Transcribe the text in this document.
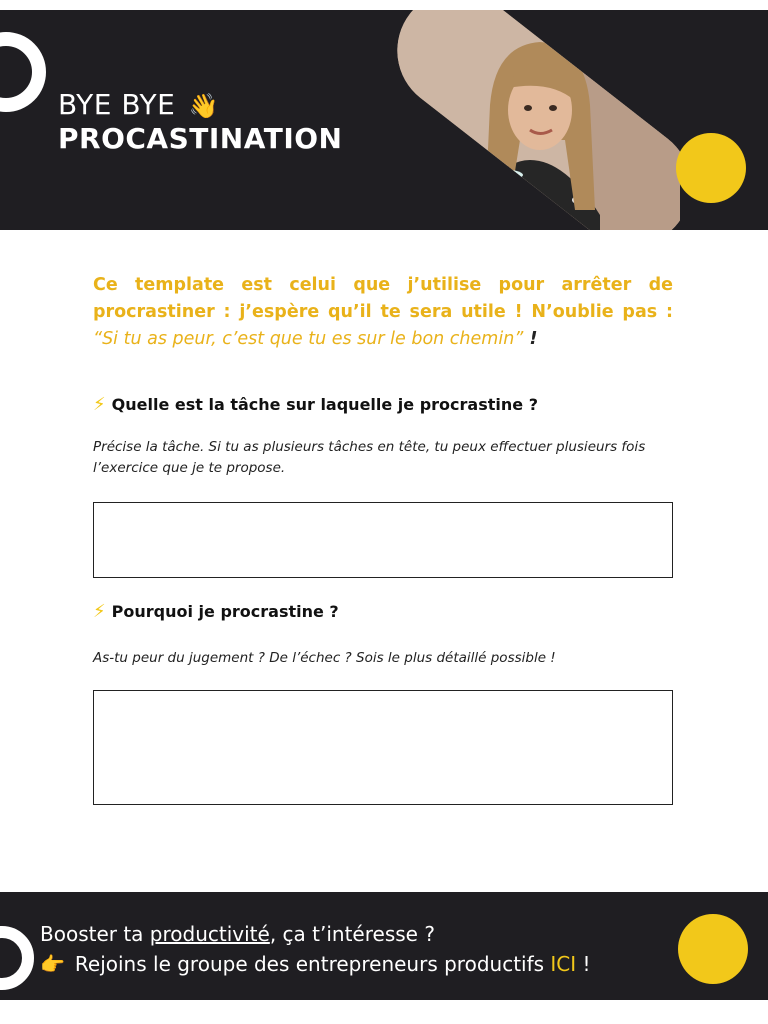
BYE BYE 👋
PROCASTINATION
Ce template est celui que j’utilise pour arrêter de procrastiner : j’espère qu’il te sera utile ! N’oublie pas : “Si tu as peur, c’est que tu es sur le bon chemin” !
⚡ Quelle est la tâche sur laquelle je procrastine ?
Précise la tâche. Si tu as plusieurs tâches en tête, tu peux effectuer plusieurs fois l’exercice que je te propose.
⚡ Pourquoi je procrastine ?
As-tu peur du jugement ? De l’échec ? Sois le plus détaillé possible !
Booster ta productivité, ça t’intéresse ?
👉 Rejoins le groupe des entrepreneurs productifs ICI !
